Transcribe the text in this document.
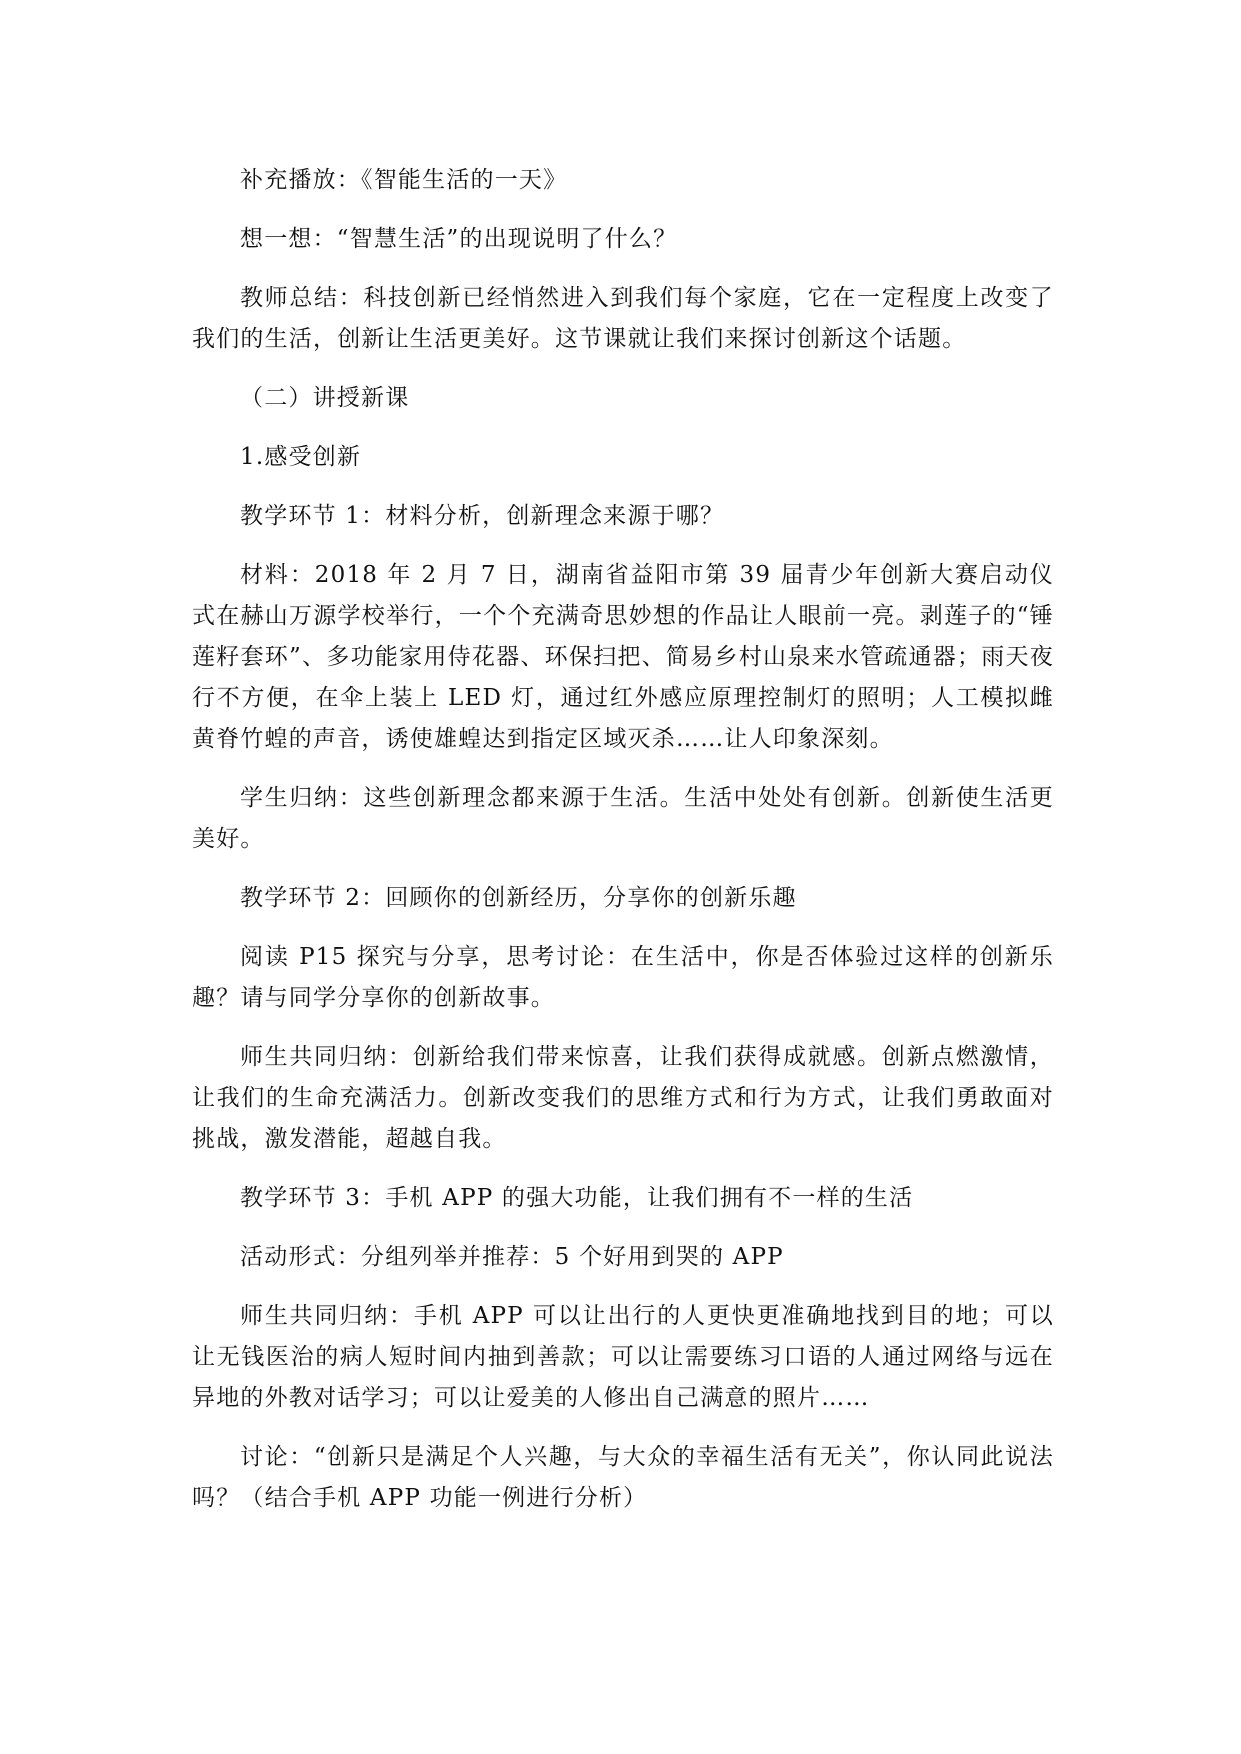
补充播放：《智能生活的一天》

想一想：“智慧生活”的出现说明了什么？

教师总结：科技创新已经悄然进入到我们每个家庭，它在一定程度上改变了我们的生活，创新让生活更美好。这节课就让我们来探讨创新这个话题。

（二）讲授新课

1.感受创新

教学环节 1：材料分析，创新理念来源于哪？

材料：2018 年 2 月 7 日，湖南省益阳市第 39 届青少年创新大赛启动仪式在赫山万源学校举行，一个个充满奇思妙想的作品让人眼前一亮。剥莲子的“锤莲籽套环”、多功能家用侍花器、环保扫把、简易乡村山泉来水管疏通器；雨天夜行不方便，在伞上装上 LED 灯，通过红外感应原理控制灯的照明；人工模拟雌黄脊竹蝗的声音，诱使雄蝗达到指定区域灭杀……让人印象深刻。

学生归纳：这些创新理念都来源于生活。生活中处处有创新。创新使生活更美好。

教学环节 2：回顾你的创新经历，分享你的创新乐趣

阅读 P15 探究与分享，思考讨论：在生活中，你是否体验过这样的创新乐趣？请与同学分享你的创新故事。

师生共同归纳：创新给我们带来惊喜，让我们获得成就感。创新点燃激情，让我们的生命充满活力。创新改变我们的思维方式和行为方式，让我们勇敢面对挑战，激发潜能，超越自我。

教学环节 3：手机 APP 的强大功能，让我们拥有不一样的生活

活动形式：分组列举并推荐：5 个好用到哭的 APP

师生共同归纳：手机 APP 可以让出行的人更快更准确地找到目的地；可以让无钱医治的病人短时间内抽到善款；可以让需要练习口语的人通过网络与远在异地的外教对话学习；可以让爱美的人修出自己满意的照片……

讨论：“创新只是满足个人兴趣，与大众的幸福生活有无关”，你认同此说法吗？（结合手机 APP 功能一例进行分析）
